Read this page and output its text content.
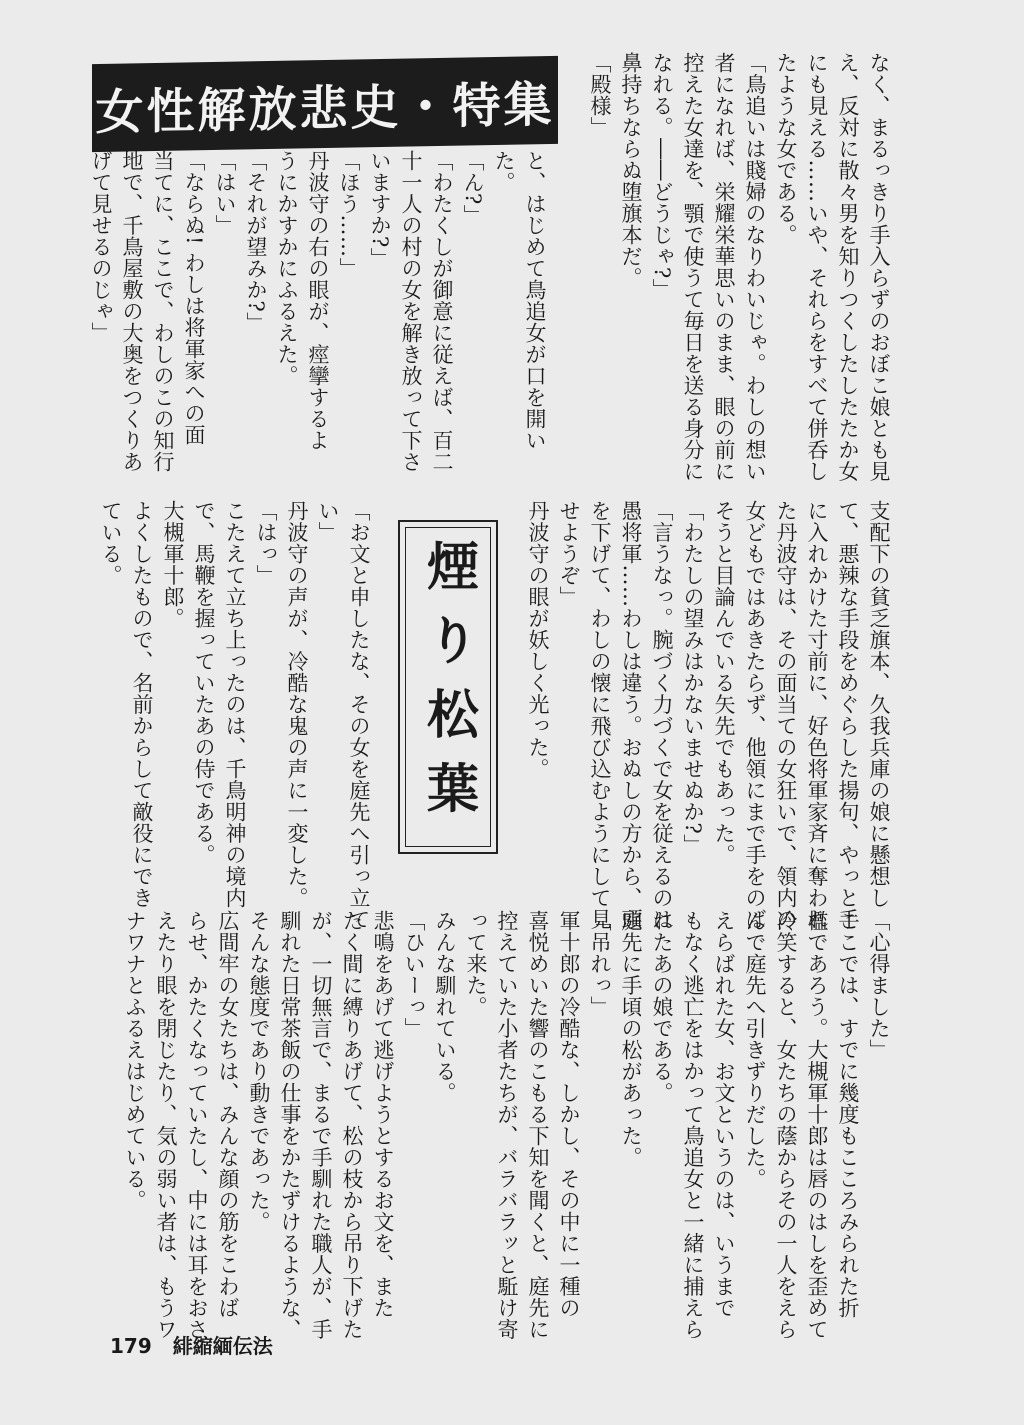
女性解放悲史・特集	なく、まるっきり手入らずのおぼこ娘とも見

え、反対に散々男を知りつくしたしたたか女

にも見える……いや、それらをすべて併呑し

たような女である。

「鳥追いは賤婦のなりわいじゃ。わしの想い

者になれば、栄耀栄華思いのまま、眼の前に

控えた女達を、顎で使うて毎日を送る身分に

なれる。――どうじゃ?」

鼻持ちならぬ堕旗本だ。

「殿様」

と、はじめて鳥追女が口を開い

た。

「ん?」

「わたくしが御意に従えば、百二

十一人の村の女を解き放って下さ

いますか?」

「ほう……」

丹波守の右の眼が、痙攣するよ

うにかすかにふるえた。

「それが望みか?」

「はい」

「ならぬ! わしは将軍家への面

当てに、ここで、わしのこの知行

地で、千鳥屋敷の大奥をつくりあ

げて見せるのじゃ」

支配下の貧乏旗本、久我兵庫の娘に懸想し

て、悪辣な手段をめぐらした揚句、やっと手

に入れかけた寸前に、好色将軍家斉に奪われ

た丹波守は、その面当ての女狂いで、領内の

女どもではあきたらず、他領にまで手をのば

そうと目論んでいる矢先でもあった。

「わたしの望みはかないませぬか?」

「言うなっ。腕づく力づくで女を従えるのは

愚将軍……わしは違う。おぬしの方から、頭

を下げて、わしの懐に飛び込むようにして見

せようぞ」

丹波守の眼が妖しく光った。

煙り松葉

「お文と申したな、その女を庭先へ引っ立て

い」

丹波守の声が、冷酷な鬼の声に一変した。

「はっ」

こたえて立ち上ったのは、千鳥明神の境内

で、馬鞭を握っていたあの侍である。

大槻軍十郎。

よくしたもので、名前からして敵役にでき

ている。

「心得ました」

ここでは、すでに幾度もこころみられた折

檻であろう。大槻軍十郎は唇のはしを歪めて

冷笑すると、女たちの蔭からその一人をえら

んで庭先へ引きずりだした。

えらばれた女、お文というのは、いうまで

もなく逃亡をはかって鳥追女と一緒に捕えら

れたあの娘である。

庭先に手頃の松があった。

「吊れっ」

軍十郎の冷酷な、しかし、その中に一種の

喜悦めいた響のこもる下知を聞くと、庭先に

控えていた小者たちが、バラバラッと駈け寄

って来た。

みんな馴れている。

「ひいーっ」

悲鳴をあげて逃げようとするお文を、また

たく間に縛りあげて、松の枝から吊り下げた

が、一切無言で、まるで手馴れた職人が、手

馴れた日常茶飯の仕事をかたずけるような、

そんな態度であり動きであった。

広間牢の女たちは、みんな顔の筋をこわば

らせ、かたくなっていたし、中には耳をおさ

えたり眼を閉じたり、気の弱い者は、もうワ

ナワナとふるえはじめている。

179 緋縮緬伝法
